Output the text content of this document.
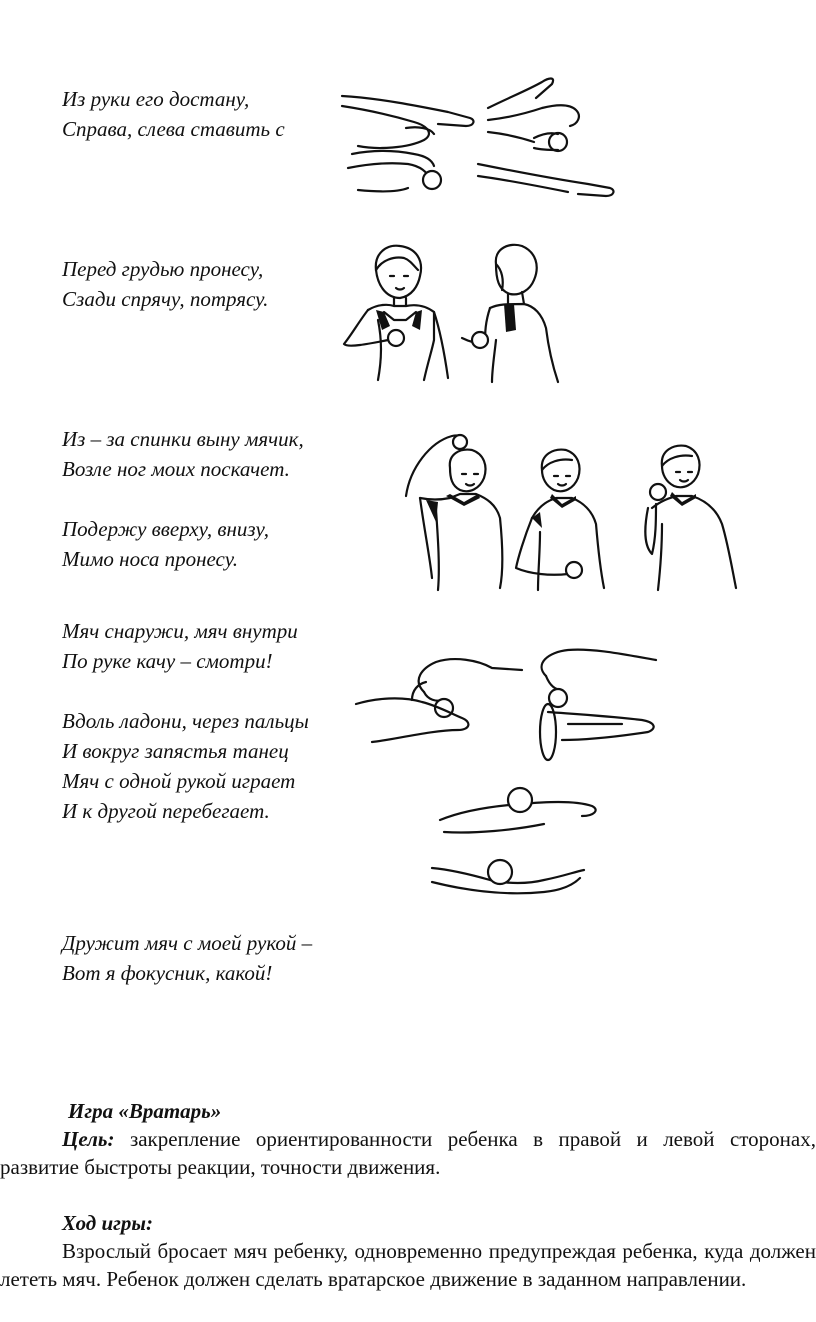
Из руки его достану,
Справа, слева ставить с
Перед грудью пронесу,
Сзади спрячу, потрясу.
Из – за спинки выну мячик,
Возле ног моих поскачет.
Подержу вверху, внизу,
Мимо носа пронесу.
Мяч снаружи, мяч внутри
По руке качу – смотри!
Вдоль ладони, через пальцы
И вокруг запястья танец
Мяч с одной рукой играет
И к другой перебегает.
Дружит мяч с моей рукой –
Вот я фокусник, какой!
Игра «Вратарь»
Цель: закрепление ориентированности ребенка в правой и левой сторонах, развитие быстроты реакции, точности движения.
Ход игры:
Взрослый бросает мяч ребенку, одновременно предупреждая ребенка, куда должен лететь мяч. Ребенок должен сделать вратарское движение в заданном направлении.
